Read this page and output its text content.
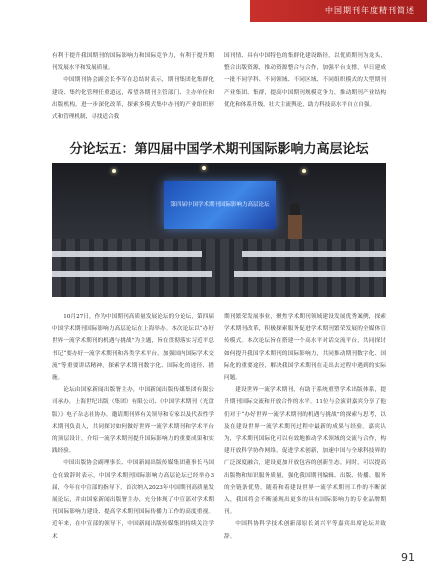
中国期刊年度精刊简述

有利于提升我国期刊的国际影响力和国际竞争力，有利于提升期刊发展水平和发展质量。

中国期刊协会副会长李军在总结时表示，期刊集团化集群化建设、集约化管理任重道远，希望各期刊主管部门、主办单位和出版机构，进一步深化改革，探索多模式集中办刊的产业组织形式和管理机制，寻找适合我

国刊情、具有中国特色的集群化建设路径，以优质期刊为龙头，整合出版资源，推动资源整合与合作，加强平台支撑，早日建成一批不同学科、不同领域、不同区域、不同组织模式的大型期刊产业集团、集群，提高中国期刊规模竞争力，推动期刊产业结构优化和体系升级，壮大主流舆论，助力科技高水平自立自强。

分论坛五：第四届中国学术期刊国际影响力高层论坛
第四届中国学术期刊国际影响力高层论坛

10月27日，作为中国期刊高质量发展论坛的分论坛，第四届中国学术期刊国际影响力高层论坛在上海举办。本次论坛以“办好世界一流学术期刊的机遇与挑战”为主题，旨在贯彻落实习近平总书记“要办好一流学术期刊和各类学术平台，加强国内国际学术交流”等重要讲话精神，探索学术期刊数字化、国际化的途径、措施。

论坛由国家新闻出版署主办，中国新闻出版传媒集团有限公司承办，上海世纪出版（集团）有限公司、《中国学术期刊（光盘版）》电子杂志社协办，邀请期刊界有关领导和专家以及代表性学术期刊负责人，共同探讨如何做好世界一流学术期刊和学术平台的顶层设计，介绍一流学术期刊提升国际影响力的重要成果和实践经验。

中国出版协会副理事长、中国新闻出版传媒集团董事长马国仓在致辞时表示，中国学术期刊国际影响力高层论坛已经举办3届，今年在中宣部的指导下，首次纳入2023年中国期刊高质量发展论坛，并由国家新闻出版署主办，充分体现了中宣部对学术期刊国际影响力建设、提高学术期刊国际传播力工作的高度重视。近年来，在中宣部的领导下，中国新闻出版传媒集团持续关注学术

期刊繁荣发展事业，聚焦学术期刊领域建设发展优秀案例，探索学术期刊改革，积极探索服务促进学术期刊繁荣发展的全媒体宣传模式。本次论坛旨在搭建一个高水平对话交流平台，共同探讨如何提升我国学术期刊的国际影响力，共同推动期刊数字化、国际化的重要途径，解决我国学术期刊在走出去过程中遇到的实际问题。

建设世界一流学术期刊，有助于系统重塑学术出版体系，提升期刊国际交流和开放合作的水平。11位与会演讲嘉宾分享了他们对于“办好世界一流学术期刊的机遇与挑战”的探索与思考，以及在建设世界一流学术期刊过程中最新的成果与经验。嘉宾认为，学术期刊国际化可以有效地推动学术领域的交流与合作，构建开放科学协作网络，促进学术创新，加速中国与全球科技界的广泛深度融合，建设更加开放包容的创新生态。同时，可以提高出版物和知识服务质量，强化我国期刊编辑、出版、传播、服务的全链条优势，随着和着建设世界一流学术期刊工作的不断深入，我国将会不断涌现出更多的具有国际影响力的专业品牌期刊。

中国科协科学技术创新部原长刘兴平等嘉宾出席论坛并致辞。

91
